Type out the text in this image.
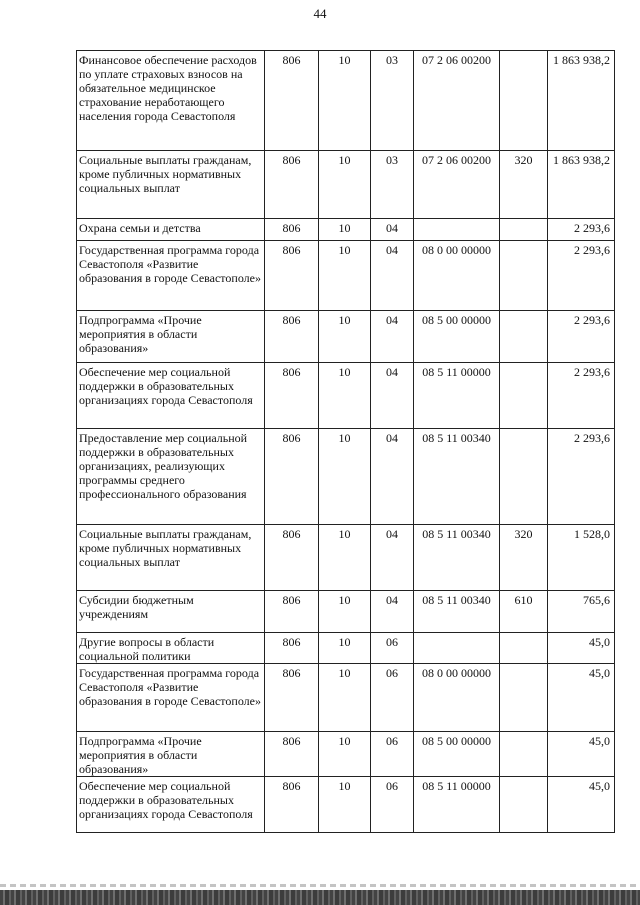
44
Финансовое обеспечение расходов по уплате страховых взносов на обязательное медицинское страхование неработающего населения города Севастополя	806	10	03	07 2 06 00200		1 863 938,2
Социальные выплаты гражданам, кроме публичных нормативных социальных выплат	806	10	03	07 2 06 00200	320	1 863 938,2
Охрана семьи и детства	806	10	04			2 293,6
Государственная программа города Севастополя «Развитие образования в городе Севастополе»	806	10	04	08 0 00 00000		2 293,6
Подпрограмма «Прочие мероприятия в области образования»	806	10	04	08 5 00 00000		2 293,6
Обеспечение мер социальной поддержки в образовательных организациях города Севастополя	806	10	04	08 5 11 00000		2 293,6
Предоставление мер социальной поддержки в образовательных организациях, реализующих программы среднего профессионального образования	806	10	04	08 5 11 00340		2 293,6
Социальные выплаты гражданам, кроме публичных нормативных социальных выплат	806	10	04	08 5 11 00340	320	1 528,0
Субсидии бюджетным учреждениям	806	10	04	08 5 11 00340	610	765,6
Другие вопросы в области социальной политики	806	10	06			45,0
Государственная программа города Севастополя «Развитие образования в городе Севастополе»	806	10	06	08 0 00 00000		45,0
Подпрограмма «Прочие мероприятия в области образования»	806	10	06	08 5 00 00000		45,0
Обеспечение мер социальной поддержки в образовательных организациях города Севастополя	806	10	06	08 5 11 00000		45,0
